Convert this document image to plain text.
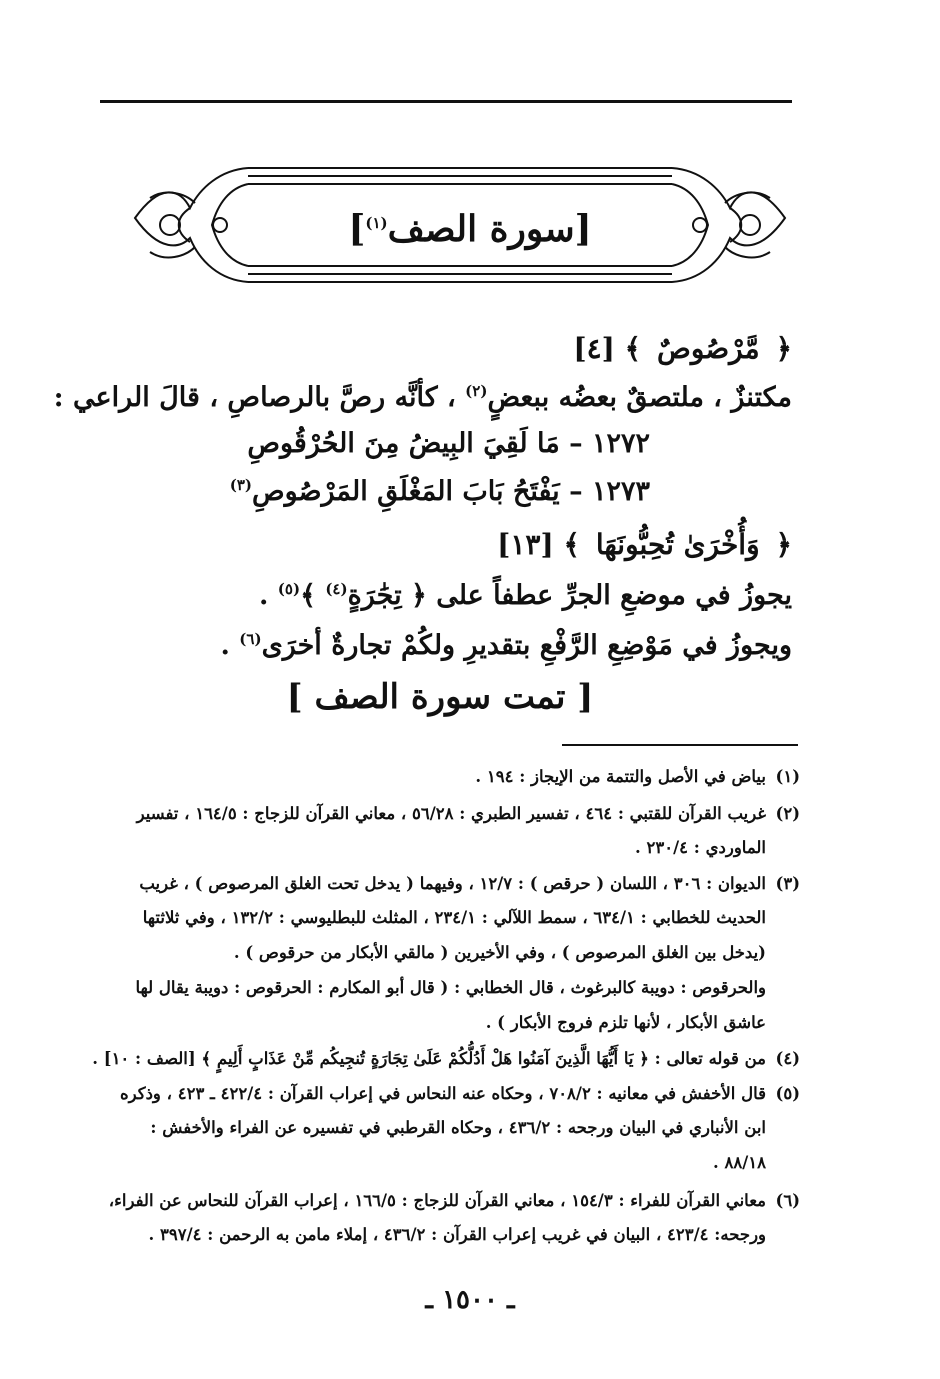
[سورة الصف$^{(١)}$]
﴿مَّرْصُوصٌ﴾ [٤]
مكتنزٌ ، ملتصقٌ بعضُه ببعضٍ$^{(٢)}$ ، كأنَّه رصَّ بالرصاصِ ، قالَ الراعي :
١٢٧٢ – مَا لَقِيَ البِيضُ مِنَ الحُرْقُوصِ
١٢٧٣ – يَفْتَحُ بَابَ المَغْلَقِ المَرْصُوصِ$^{(٣)}$
﴿وَأُخْرَىٰ تُحِبُّونَهَا﴾ [١٣]
يجوزُ في موضعِ الجرِّ عطفاً على ﴿ تِجَٰرَةٍ$^{(٤)}$ ﴾$^{(٥)}$ .
ويجوزُ في مَوْضِعِ الرَّفْعِ بتقديرِ ولكُمْ تجارةٌ أخرَى$^{(٦)}$ .
[ تمت سورة الصف ]
(١)بياض في الأصل والتتمة من الإيجاز : ١٩٤ .
(٢)غريب القرآن للقتبي : ٤٦٤ ، تفسير الطبري : ٥٦/٢٨ ، معاني القرآن للزجاج : ١٦٤/٥ ، تفسير
الماوردي : ٢٣٠/٤ .
(٣)الديوان : ٣٠٦ ، اللسان ( حرقص ) : ١٢/٧ ، وفيهما ( يدخل تحت الغلق المرصوص ) ، غريب
الحديث للخطابي : ٦٣٤/١ ، سمط اللآلي : ٢٣٤/١ ، المثلث للبطليوسي : ١٣٢/٢ ، وفي ثلاثتها
(يدخل بين الغلق المرصوص ) ، وفي الأخيرين ( مالقي الأبكار من حرقوص ) .
والحرقوص : دويبة كالبرغوث ، قال الخطابي : ( قال أبو المكارم : الحرقوص : دويبة يقال لها
عاشق الأبكار ، لأنها تلزم فروج الأبكار ) .
(٤)من قوله تعالى : ﴿ يَا أَيُّهَا الَّذِينَ آمَنُوا هَلْ أَدُلُّكُمْ عَلَىٰ تِجَارَةٍ تُنجِيكُم مِّنْ عَذَابٍ أَلِيمٍ ﴾ [الصف : ١٠] .
(٥)قال الأخفش في معانيه : ٧٠٨/٢ ، وحكاه عنه النحاس في إعراب القرآن : ٤٢٢/٤ ـ ٤٢٣ ، وذكره
ابن الأنباري في البيان ورجحه : ٤٣٦/٢ ، وحكاه القرطبي في تفسيره عن الفراء والأخفش :
٨٨/١٨ .
(٦)معاني القرآن للفراء : ١٥٤/٣ ، معاني القرآن للزجاج : ١٦٦/٥ ، إعراب القرآن للنحاس عن الفراء،
ورجحه: ٤٢٣/٤ ، البيان في غريب إعراب القرآن : ٤٣٦/٢ ، إملاء مامن به الرحمن : ٣٩٧/٤ .
ـ ١٥٠٠ ـ
